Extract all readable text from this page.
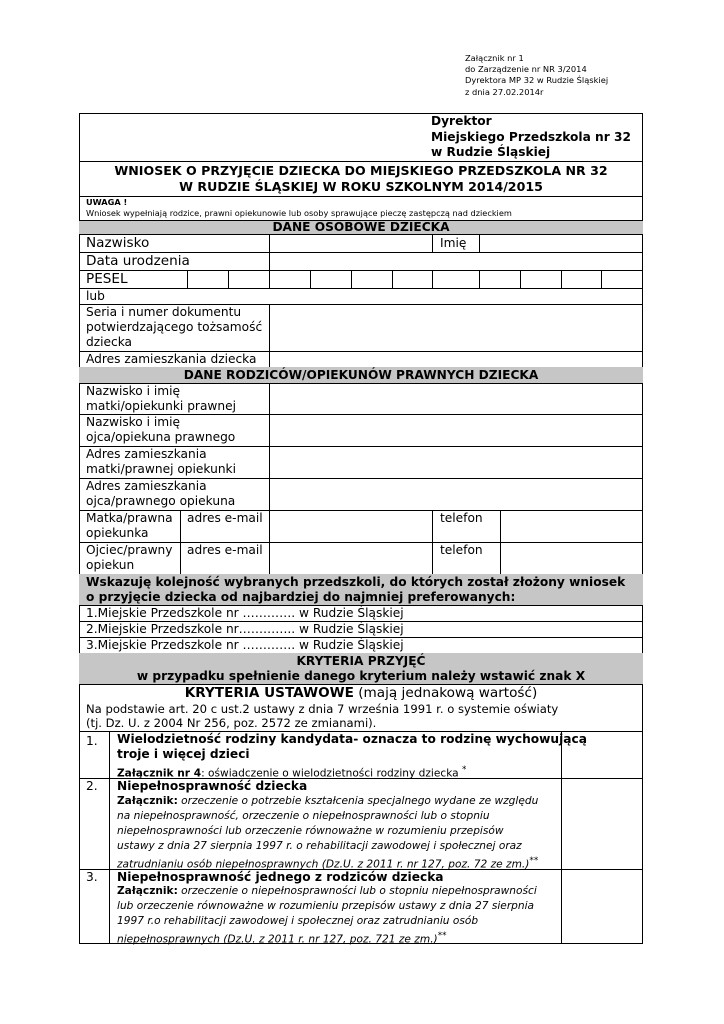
Załącznik nr 1
do Zarządzenie nr NR 3/2014
Dyrektora MP 32 w Rudzie Śląskiej
z dnia 27.02.2014r
Dyrektor
Miejskiego Przedszkola nr 32
w Rudzie Śląskiej
WNIOSEK O PRZYJĘCIE DZIECKA DO MIEJSKIEGO PRZEDSZKOLA NR 32
W RUDZIE ŚLĄSKIEJ W ROKU SZKOLNYM 2014/2015
UWAGA !
Wniosek wypełniają rodzice, prawni opiekunowie lub osoby sprawujące pieczę zastępczą nad dzieckiem
DANE OSOBOWE DZIECKA
Nazwisko	Imię
Data urodzenia
PESEL
lub
Seria i numer dokumentu
potwierdzającego tożsamość
dziecka
Adres zamieszkania dziecka
DANE RODZICÓW/OPIEKUNÓW PRAWNYCH DZIECKA
Nazwisko i imię
matki/opiekunki prawnej
Nazwisko i imię
ojca/opiekuna prawnego
Adres zamieszkania
matki/prawnej opiekunki
Adres zamieszkania
ojca/prawnego opiekuna
Matka/prawna
opiekunka
adres e-mail	telefon
Ojciec/prawny
opiekun
adres e-mail	telefon
Wskazuję kolejność wybranych przedszkoli, do których został złożony wniosek
o przyjęcie dziecka od najbardziej do najmniej preferowanych:
1.Miejskie Przedszkole nr …………. w Rudzie Śląskiej
2.Miejskie Przedszkole nr………….. w Rudzie Śląskiej
3.Miejskie Przedszkole nr …………. w Rudzie Śląskiej
KRYTERIA PRZYJĘĆ
w przypadku spełnienie danego kryterium należy wstawić znak X
KRYTERIA USTAWOWE (mają jednakową wartość)
Na podstawie art. 20 c ust.2 ustawy z dnia 7 września 1991 r. o systemie oświaty
(tj. Dz. U. z 2004 Nr 256, poz. 2572 ze zmianami).
1. Wielodzietność rodziny kandydata- oznacza to rodzinę wychowującą
troje i więcej dzieci
Załącznik nr 4: oświadczenie o wielodzietności rodziny dziecka *
2. Niepełnosprawność dziecka
Załącznik: orzeczenie o potrzebie kształcenia specjalnego wydane ze względu
na niepełnosprawność, orzeczenie o niepełnosprawności lub o stopniu
niepełnosprawności lub orzeczenie równoważne w rozumieniu przepisów
ustawy z dnia 27 sierpnia 1997 r. o rehabilitacji zawodowej i społecznej oraz
zatrudnianiu osób niepełnosprawnych (Dz.U. z 2011 r. nr 127, poz. 72 ze zm.)**
3. Niepełnosprawność jednego z rodziców dziecka
Załącznik: orzeczenie o niepełnosprawności lub o stopniu niepełnosprawności
lub orzeczenie równoważne w rozumieniu przepisów ustawy z dnia 27 sierpnia
1997 r.o rehabilitacji zawodowej i społecznej oraz zatrudnianiu osób
niepełnosprawnych (Dz.U. z 2011 r. nr 127, poz. 721 ze zm.)**
